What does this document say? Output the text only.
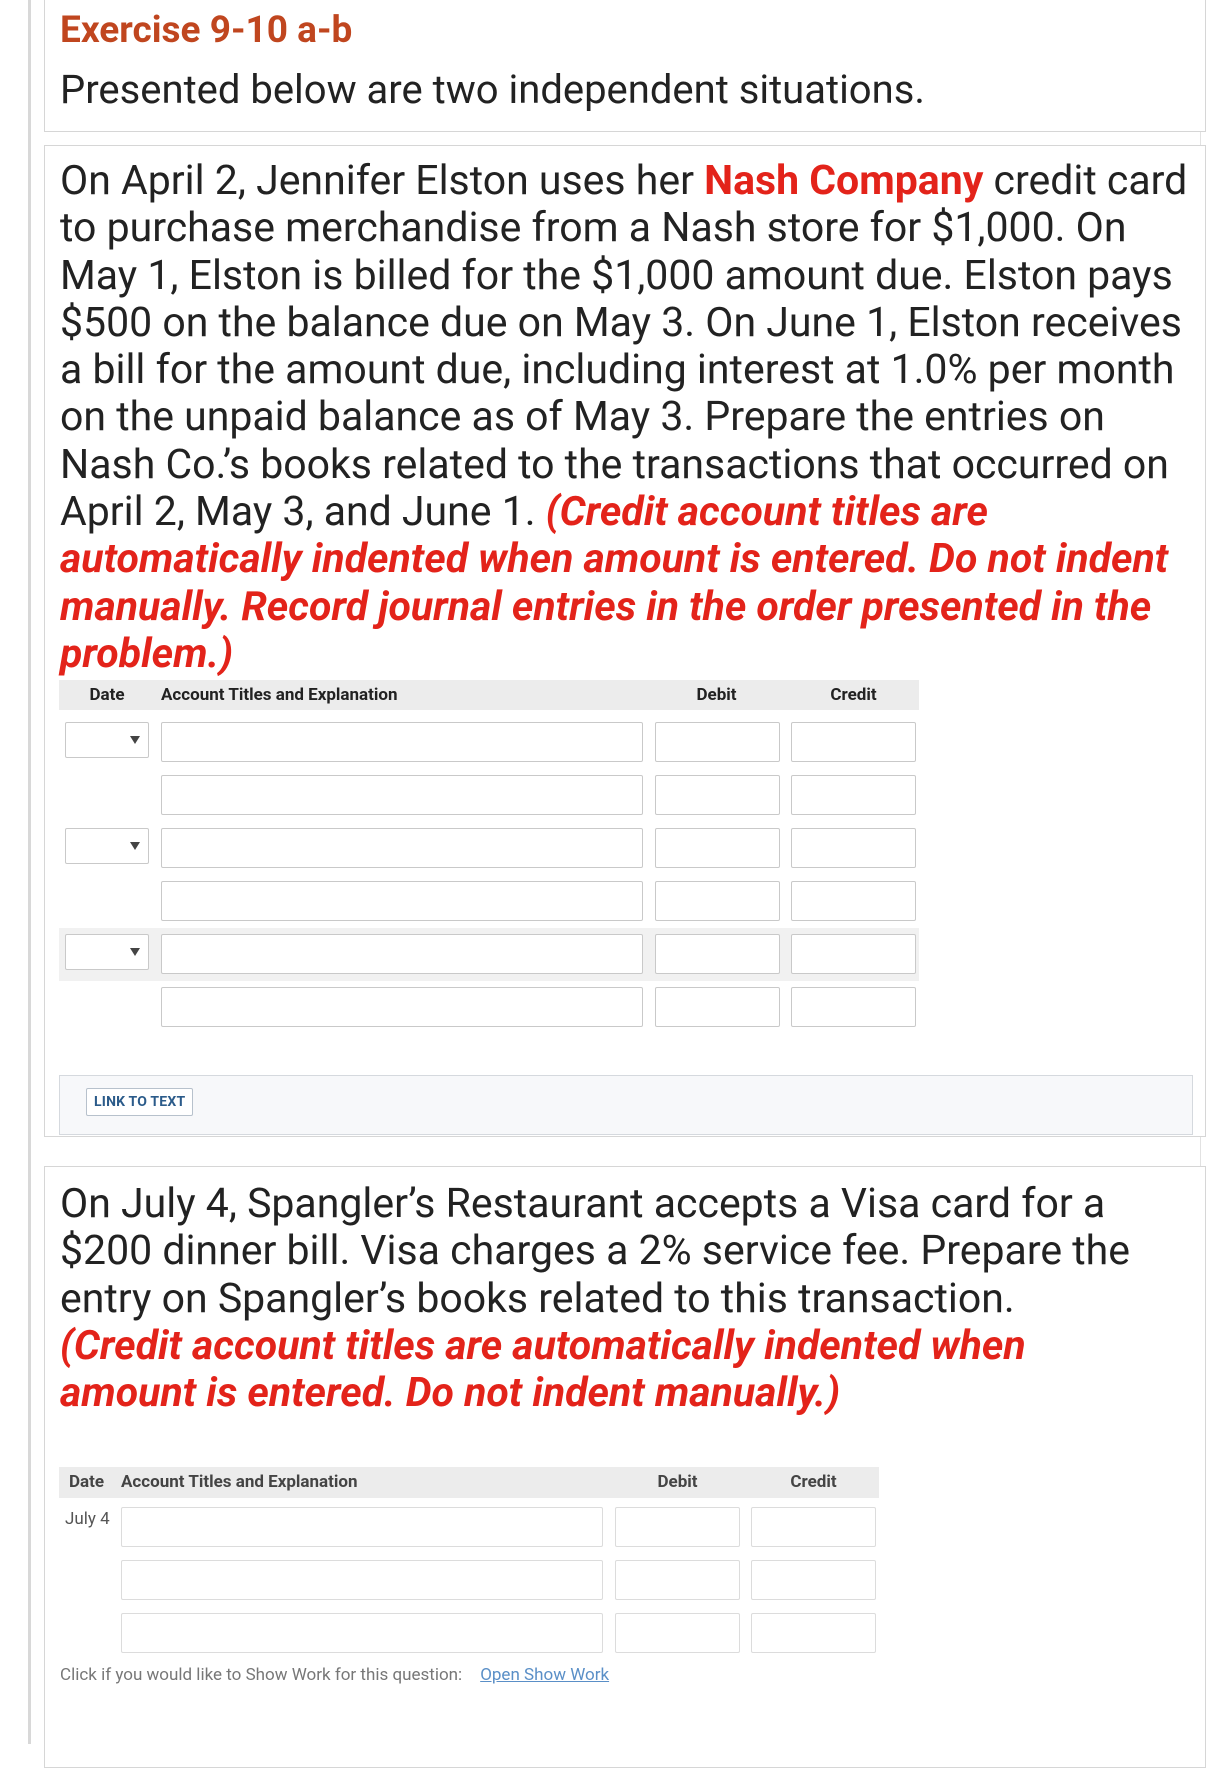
Exercise 9-10 a-b

Presented below are two independent situations.

On April 2, Jennifer Elston uses her Nash Company credit card to purchase merchandise from a Nash store for $1,000. On May 1, Elston is billed for the $1,000 amount due. Elston pays $500 on the balance due on May 3. On June 1, Elston receives a bill for the amount due, including interest at 1.0% per month on the unpaid balance as of May 3. Prepare the entries on Nash Co.’s books related to the transactions that occurred on April 2, May 3, and June 1. (Credit account titles are automatically indented when amount is entered. Do not indent manually. Record journal entries in the order presented in the problem.)

Date	Account Titles and Explanation	Debit	Credit
LINK TO TEXT

On July 4, Spangler’s Restaurant accepts a Visa card for a $200 dinner bill. Visa charges a 2% service fee. Prepare the entry on Spangler’s books related to this transaction. (Credit account titles are automatically indented when amount is entered. Do not indent manually.)

Date Account Titles and Explanation	Debit	Credit
July 4
Click if you would like to Show Work for this question: Open Show Work
